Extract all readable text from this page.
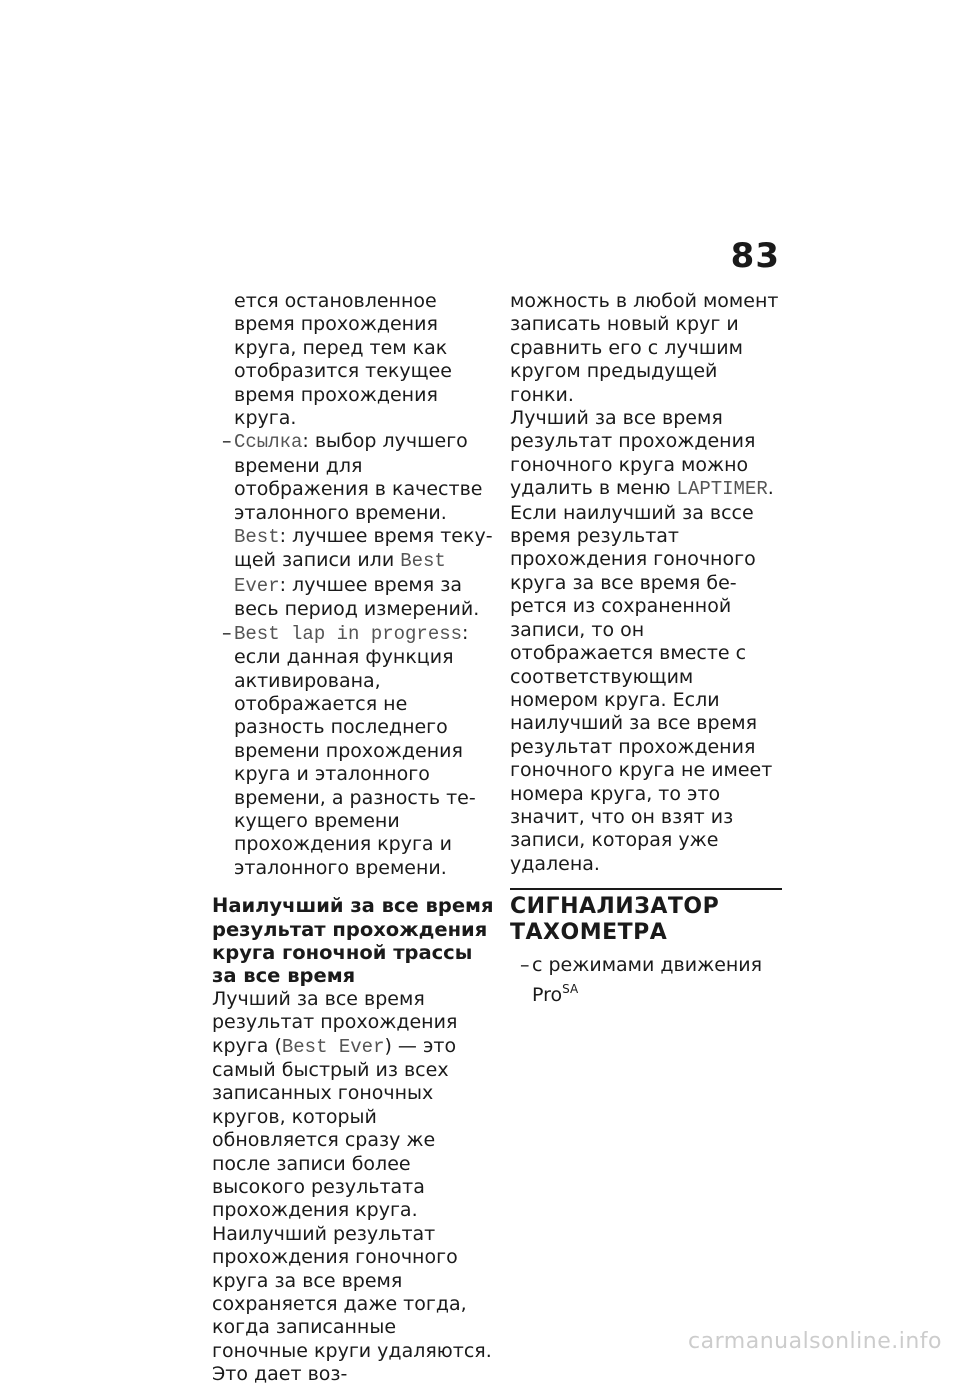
83

ется остановленное время прохождения круга, перед тем как отобразится текущее время прохождения круга.

– Ссылка: выбор лучшего времени для отображения в качестве эталонного времени. Best: лучшее время текущей записи или Best Ever: лучшее время за весь период измерений.

– Best lap in progress: если данная функция активирована, отображается не разность последнего времени прохождения круга и эталонного времени, а разность текущего времени прохождения круга и эталонного времени.

Наилучший за все время результат прохождения круга гоночной трассы за все время

Лучший за все время результат прохождения круга (Best Ever) — это самый быстрый из всех записанных гоночных кругов, который обновляется сразу же после записи более высокого результата прохождения круга.

Наилучший результат прохождения гоночного круга за все время сохраняется даже тогда, когда записанные гоночные круги удаляются. Это дает воз-

можность в любой момент записать новый круг и сравнить его с лучшим кругом предыдущей гонки.

Лучший за все время результат прохождения гоночного круга можно удалить в меню LAPTIMER.

Если наилучший за вссе время результат прохождения гоночного круга за все время берется из сохраненной записи, то он отображается вместе с соответствующим номером круга. Если наилучший за все время результат прохождения гоночного круга не имеет номера круга, то это значит, что он взят из записи, которая уже удалена.

СИГНАЛИЗАТОР ТАХОМЕТРА

– с режимами движения Pro$^{SA}$

carmanualsonline.info
